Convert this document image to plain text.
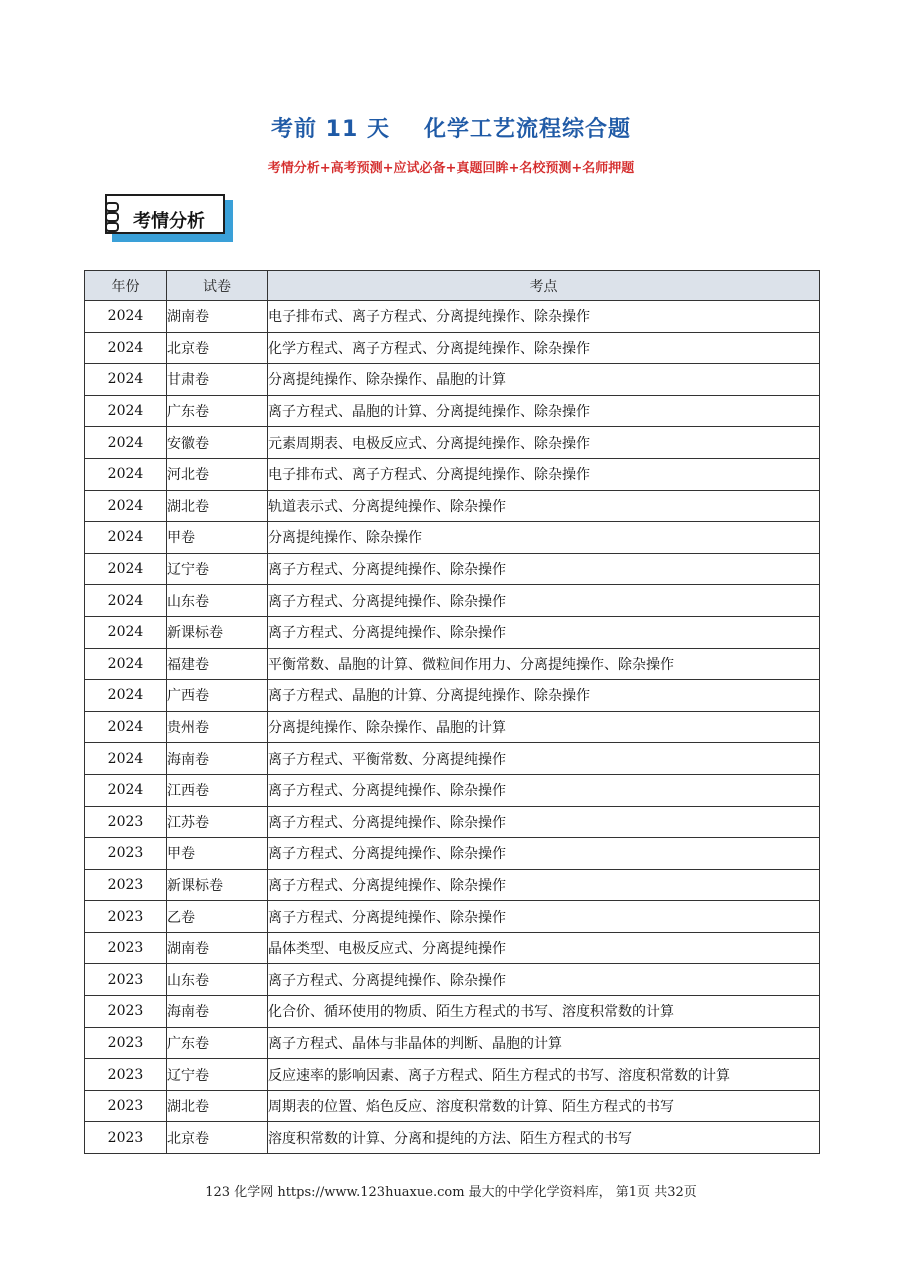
考前 11 天 化学工艺流程综合题
考情分析+高考预测+应试必备+真题回眸+名校预测+名师押题
考情分析
年份	试卷	考点
2024	湖南卷	电子排布式、离子方程式、分离提纯操作、除杂操作
2024	北京卷	化学方程式、离子方程式、分离提纯操作、除杂操作
2024	甘肃卷	分离提纯操作、除杂操作、晶胞的计算
2024	广东卷	离子方程式、晶胞的计算、分离提纯操作、除杂操作
2024	安徽卷	元素周期表、电极反应式、分离提纯操作、除杂操作
2024	河北卷	电子排布式、离子方程式、分离提纯操作、除杂操作
2024	湖北卷	轨道表示式、分离提纯操作、除杂操作
2024	甲卷	分离提纯操作、除杂操作
2024	辽宁卷	离子方程式、分离提纯操作、除杂操作
2024	山东卷	离子方程式、分离提纯操作、除杂操作
2024	新课标卷	离子方程式、分离提纯操作、除杂操作
2024	福建卷	平衡常数、晶胞的计算、微粒间作用力、分离提纯操作、除杂操作
2024	广西卷	离子方程式、晶胞的计算、分离提纯操作、除杂操作
2024	贵州卷	分离提纯操作、除杂操作、晶胞的计算
2024	海南卷	离子方程式、平衡常数、分离提纯操作
2024	江西卷	离子方程式、分离提纯操作、除杂操作
2023	江苏卷	离子方程式、分离提纯操作、除杂操作
2023	甲卷	离子方程式、分离提纯操作、除杂操作
2023	新课标卷	离子方程式、分离提纯操作、除杂操作
2023	乙卷	离子方程式、分离提纯操作、除杂操作
2023	湖南卷	晶体类型、电极反应式、分离提纯操作
2023	山东卷	离子方程式、分离提纯操作、除杂操作
2023	海南卷	化合价、循环使用的物质、陌生方程式的书写、溶度积常数的计算
2023	广东卷	离子方程式、晶体与非晶体的判断、晶胞的计算
2023	辽宁卷	反应速率的影响因素、离子方程式、陌生方程式的书写、溶度积常数的计算
2023	湖北卷	周期表的位置、焰色反应、溶度积常数的计算、陌生方程式的书写
2023	北京卷	溶度积常数的计算、分离和提纯的方法、陌生方程式的书写
123 化学网 https://www.123huaxue.com 最大的中学化学资料库， 第1页 共32页
